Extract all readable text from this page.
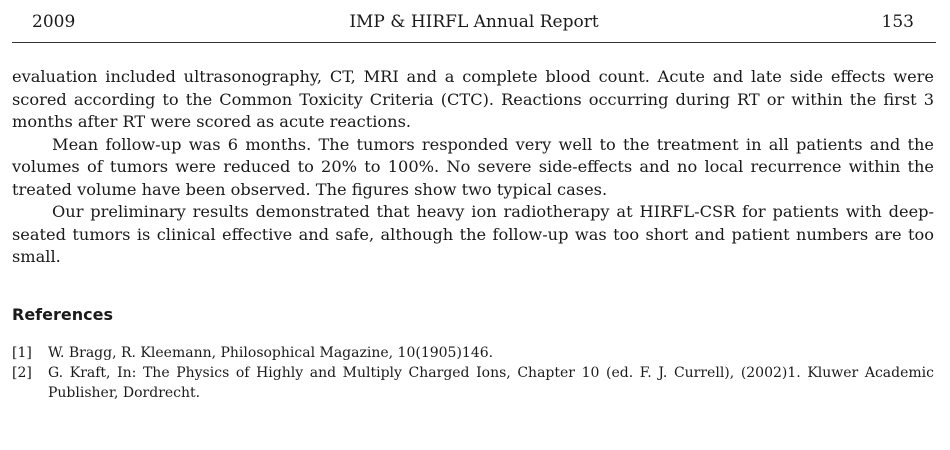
2009	IMP & HIRFL Annual Report	153

evaluation included ultrasonography, CT, MRI and a complete blood count. Acute and late side effects were scored according to the Common Toxicity Criteria (CTC). Reactions occurring during RT or within the first 3 months after RT were scored as acute reactions.

Mean follow-up was 6 months. The tumors responded very well to the treatment in all patients and the volumes of tumors were reduced to 20% to 100%. No severe side-effects and no local recurrence within the treated volume have been observed. The figures show two typical cases.

Our preliminary results demonstrated that heavy ion radiotherapy at HIRFL-CSR for patients with deep-seated tumors is clinical effective and safe, although the follow-up was too short and patient numbers are too small.

References
[1]	W. Bragg, R. Kleemann, Philosophical Magazine, 10(1905)146.
[2]	G. Kraft, In: The Physics of Highly and Multiply Charged Ions, Chapter 10 (ed. F. J. Currell), (2002)1. Kluwer Academic Publisher, Dordrecht.
